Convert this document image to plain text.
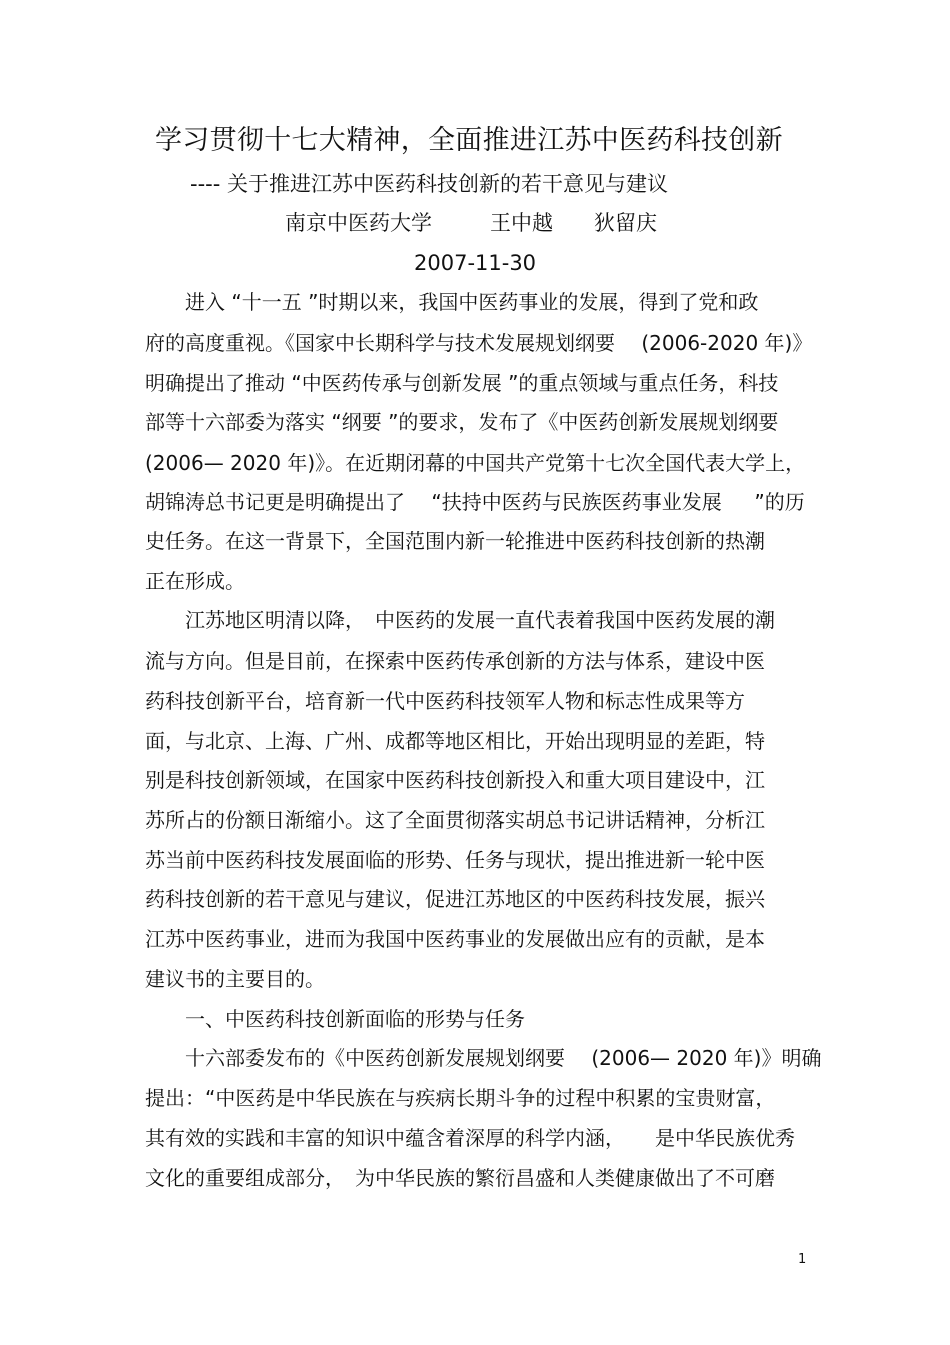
学习贯彻十七大精神，全面推进江苏中医药科技创新
---- 关于推进江苏中医药科技创新的若干意见与建议
南京中医药大学	王中越 狄留庆
2007-11-30
　　进入 “十一五 ”时期以来，我国中医药事业的发展，得到了党和政
府的高度重视。《国家中长期科学与技术发展规划纲要　 (2006-2020 年)》
明确提出了推动 “中医药传承与创新发展 ”的重点领域与重点任务，科技
部等十六部委为落实 “纲要 ”的要求，发布了《中医药创新发展规划纲要
(2006— 2020 年)》。在近期闭幕的中国共产党第十七次全国代表大学上，
胡锦涛总书记更是明确提出了　 “扶持中医药与民族医药事业发展 　 ”的历
史任务。在这一背景下，全国范围内新一轮推进中医药科技创新的热潮
正在形成。
　　江苏地区明清以降，　中医药的发展一直代表着我国中医药发展的潮
流与方向。但是目前，在探索中医药传承创新的方法与体系，建设中医
药科技创新平台，培育新一代中医药科技领军人物和标志性成果等方
面，与北京、上海、广州、成都等地区相比，开始出现明显的差距，特
别是科技创新领域，在国家中医药科技创新投入和重大项目建设中，江
苏所占的份额日渐缩小。这了全面贯彻落实胡总书记讲话精神，分析江
苏当前中医药科技发展面临的形势、任务与现状，提出推进新一轮中医
药科技创新的若干意见与建议，促进江苏地区的中医药科技发展，振兴
江苏中医药事业，进而为我国中医药事业的发展做出应有的贡献，是本
建议书的主要目的。
　　一、中医药科技创新面临的形势与任务
　　十六部委发布的《中医药创新发展规划纲要　 (2006— 2020 年)》明确
提出：“中医药是中华民族在与疾病长期斗争的过程中积累的宝贵财富，
其有效的实践和丰富的知识中蕴含着深厚的科学内涵，　　是中华民族优秀
文化的重要组成部分，　为中华民族的繁衍昌盛和人类健康做出了不可磨
1
